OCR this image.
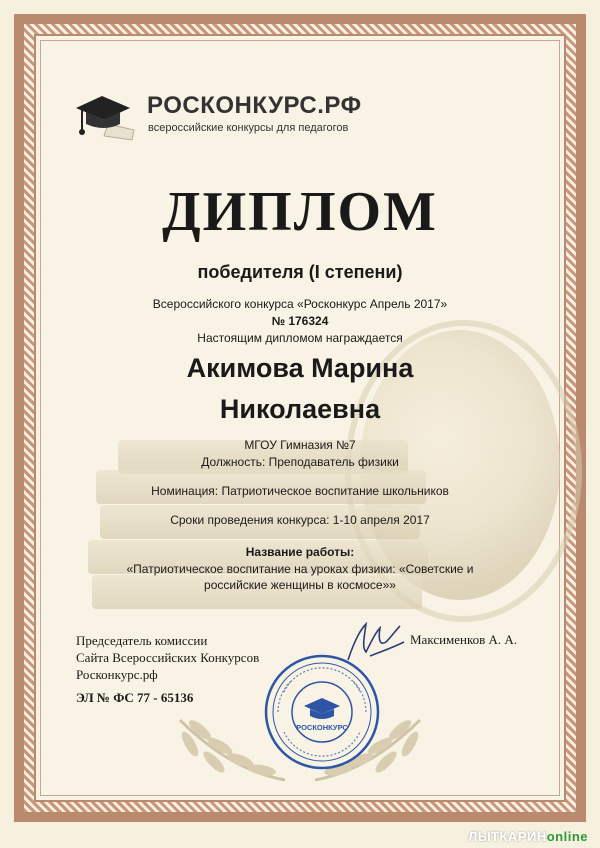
РОСКОНКУРС.РФ
всероссийские конкурсы для педагогов
ДИПЛОМ
победителя (I степени)
Всероссийского конкурса «Росконкурс Апрель 2017»
№ 176324
Настоящим дипломом награждается
Акимова Марина
Николаевна
МГОУ Гимназия №7
Должность: Преподаватель физики
Номинация: Патриотическое воспитание школьников
Сроки проведения конкурса: 1-10 апреля 2017
Название работы:
«Патриотическое воспитание на уроках физики: «Советские и
российские женщины в космосе»»
Председатель комиссии
Сайта Всероссийских Конкурсов
Росконкурс.рф
ЭЛ № ФС 77 - 65136
Максименков А. А.
РОСКОНКУРС
ЛЫТКАРИНonline
